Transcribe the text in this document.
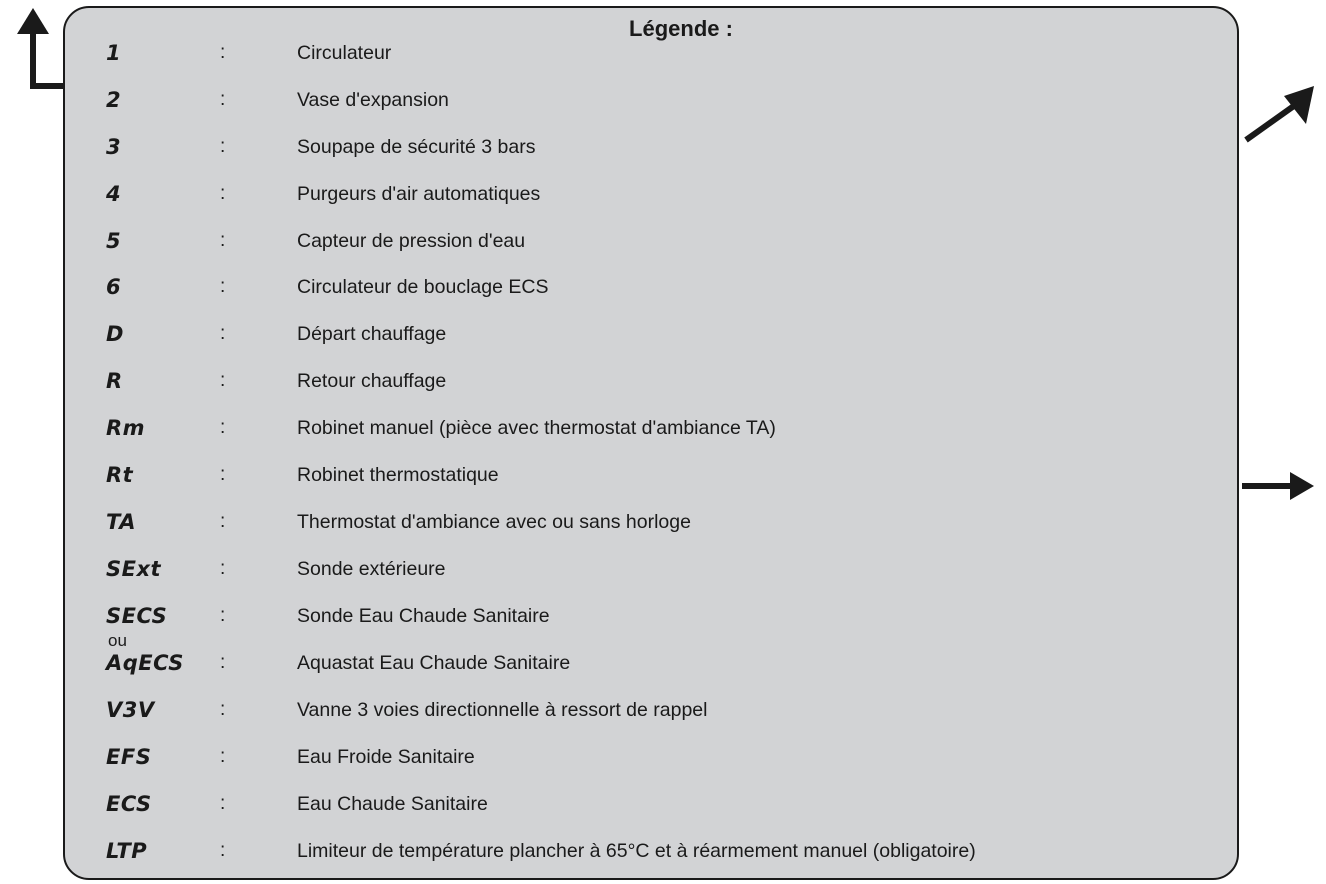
Légende :
1	:	Circulateur
2	:	Vase d'expansion
3	:	Soupape de sécurité 3 bars
4	:	Purgeurs d'air automatiques
5	:	Capteur de pression d'eau
6	:	Circulateur de bouclage ECS
D	:	Départ chauffage
R	:	Retour chauffage
Rm	:	Robinet manuel (pièce avec thermostat d'ambiance TA)
Rt	:	Robinet thermostatique
TA	:	Thermostat d'ambiance avec ou sans horloge
SExt	:	Sonde extérieure
SECS	:	Sonde Eau Chaude Sanitaire
AqECS :	Aquastat Eau Chaude Sanitaire
V3V	:	Vanne 3 voies directionnelle à ressort de rappel
EFS	:	Eau Froide Sanitaire
ECS	:	Eau Chaude Sanitaire
LTP	:	Limiteur de température plancher à 65°C et à réarmement manuel (obligatoire)
ou
